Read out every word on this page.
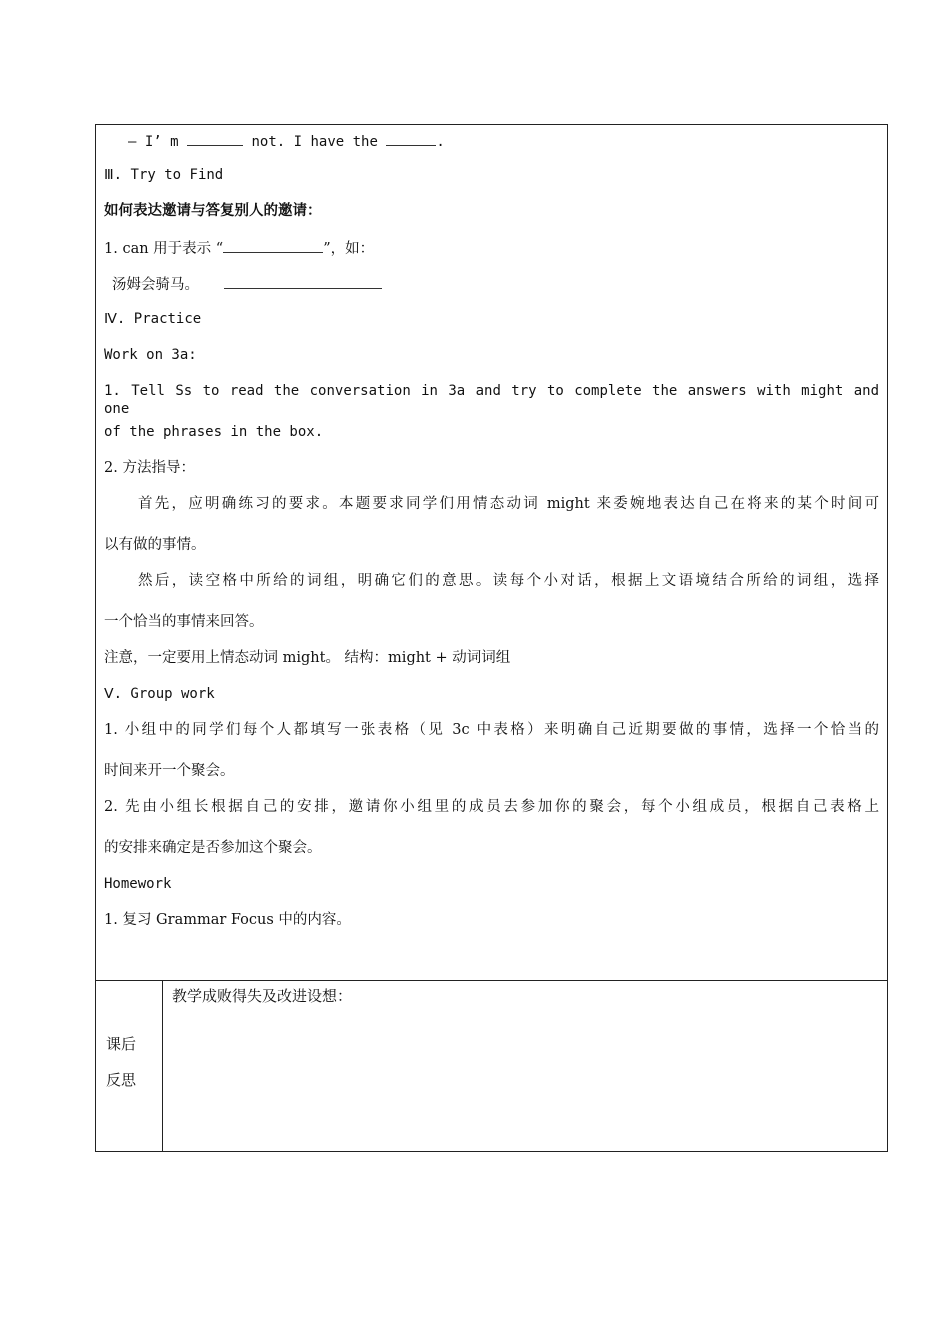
— I’ m	not. I have the	.
Ⅲ. Try to Find
如何表达邀请与答复别人的邀请：
1. can 用于表示 “	”，如：
汤姆会骑马。
Ⅳ. Practice
Work on 3a:
1. Tell Ss to read the conversation in 3a and try to complete the answers with might and one
of the phrases in the box.
2. 方法指导：
首先，应明确练习的要求。本题要求同学们用情态动词 might 来委婉地表达自己在将来的某个时间可
以有做的事情。
然后，读空格中所给的词组，明确它们的意思。读每个小对话，根据上文语境结合所给的词组，选择
一个恰当的事情来回答。
注意，一定要用上情态动词 might。 结构：might + 动词词组
Ⅴ. Group work
1. 小组中的同学们每个人都填写一张表格（见 3c 中表格）来明确自己近期要做的事情，选择一个恰当的
时间来开一个聚会。
2. 先由小组长根据自己的安排，邀请你小组里的成员去参加你的聚会，每个小组成员，根据自己表格上
的安排来确定是否参加这个聚会。
Homework
1. 复习 Grammar Focus 中的内容。
课后
反思
教学成败得失及改进设想：
